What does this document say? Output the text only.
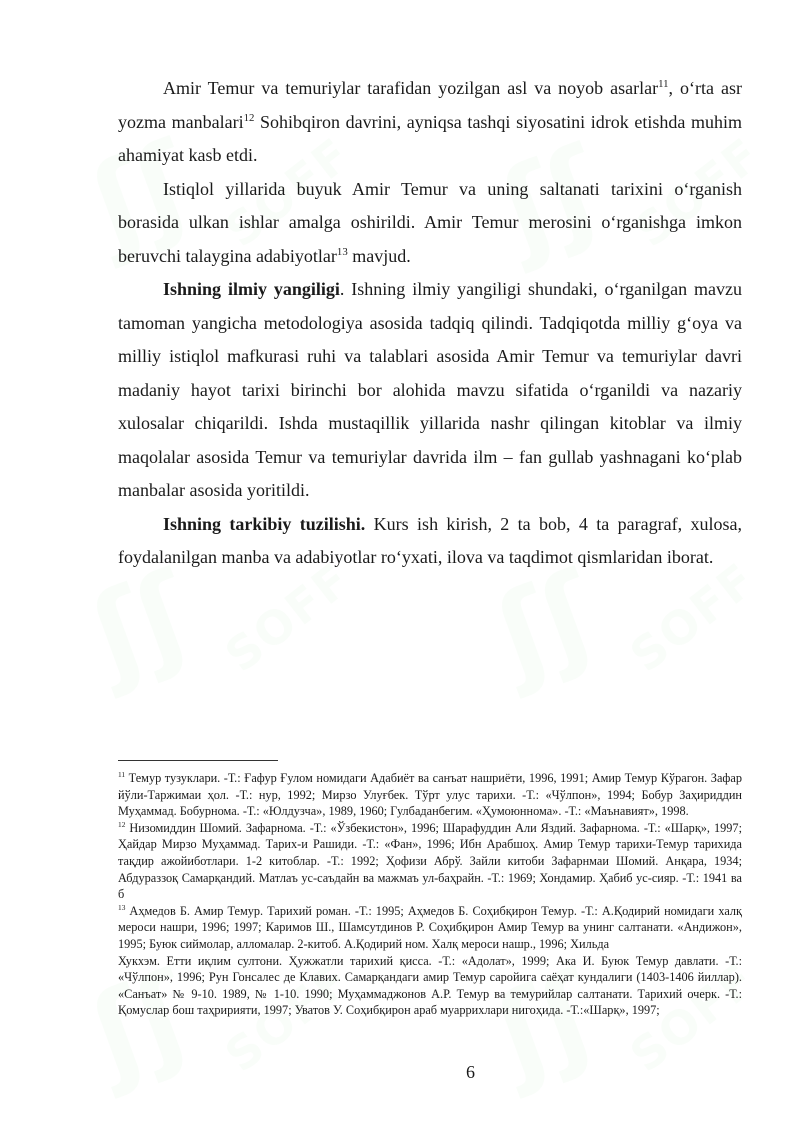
Amir Temur va temuriylar tarafidan yozilgan asl va noyob asarlar$^{11}$, oʻrta asr yozma manbalari$^{12}$ Sohibqiron davrini, ayniqsa tashqi siyosatini idrok etishda muhim ahamiyat kasb etdi.

Istiqlol yillarida buyuk Amir Temur va uning saltanati tarixini oʻrganish borasida ulkan ishlar amalga oshirildi. Amir Temur merosini oʻrganishga imkon beruvchi talaygina adabiyotlar$^{13}$ mavjud.

Ishning ilmiy yangiligi. Ishning ilmiy yangiligi shundaki, oʻrganilgan mavzu tamoman yangicha metodologiya asosida tadqiq qilindi. Tadqiqotda milliy gʻoya va milliy istiqlol mafkurasi ruhi va talablari asosida Amir Temur va temuriylar davri madaniy hayot tarixi birinchi bor alohida mavzu sifatida oʻrganildi va nazariy xulosalar chiqarildi. Ishda mustaqillik yillarida nashr qilingan kitoblar va ilmiy maqolalar asosida Temur va temuriylar davrida ilm – fan gullab yashnagani koʻplab manbalar asosida yoritildi.

Ishning tarkibiy tuzilishi. Kurs ish kirish, 2 ta bob, 4 ta paragraf, xulosa, foydalanilgan manba va adabiyotlar roʻyxati, ilova va taqdimot qismlaridan iborat.

$^{11}$ Темур тузуклари. -Т.: Ғафур Ғулом номидаги Адабиёт ва санъат нашриёти, 1996, 1991; Амир Темур Кўрагон. Зафар йўли-Таржимаи ҳол. -Т.: нур, 1992; Мирзо Улуғбек. Тўрт улус тарихи. -Т.: «Чўлпон», 1994; Бобур Заҳириддин Муҳаммад. Бобурнома. -Т.: «Юлдузча», 1989, 1960; Гулбаданбегим. «Ҳумоюннома». -Т.: «Маънавият», 1998.

$^{12}$ Низомиддин Шомий. Зафарнома. -Т.: «Ўзбекистон», 1996; Шарафуддин Али Яздий. Зафарнома. -Т.: «Шарқ», 1997; Ҳайдар Мирзо Муҳаммад. Тарих-и Рашиди. -Т.: «Фан», 1996; Ибн Арабшоҳ. Амир Темур тарихи-Темур тарихида тақдир ажойиботлари. 1-2 китоблар. -Т.: 1992; Ҳофизи Абрў. Зайли китоби Зафарнмаи Шомий. Анқара, 1934; Абдураззоқ Самарқандий. Матлаъ ус-саъдайн ва мажмаъ ул-баҳрайн. -Т.: 1969; Хондамир. Ҳабиб ус-сияр. -Т.: 1941 ва б

$^{13}$ Аҳмедов Б. Амир Темур. Тарихий роман. -Т.: 1995; Аҳмедов Б. Соҳибқирон Темур. -Т.: А.Қодирий номидаги халқ мероси нашри, 1996; 1997; Каримов Ш., Шамсутдинов Р. Соҳибқирон Амир Темур ва унинг салтанати. «Андижон», 1995; Буюк сиймолар, алломалар. 2-китоб. А.Қодирий ном. Халқ мероси нашр., 1996; Хильда

Хукхэм. Етти иқлим султони. Ҳужжатли тарихий қисса. -Т.: «Адолат», 1999; Ака И. Буюк Темур давлати. -Т.: «Чўлпон», 1996; Рун Гонсалес де Клавих. Самарқандаги амир Темур саройига саёҳат кундалиги (1403-1406 йиллар). «Санъат» № 9-10. 1989, № 1-10. 1990; Муҳаммаджонов А.Р. Темур ва темурийлар салтанати. Тарихий очерк. -Т.: Қомуслар бош таҳририяти, 1997; Уватов У. Соҳибқирон араб муаррихлари нигоҳида. -Т.:«Шарқ», 1997;

6
